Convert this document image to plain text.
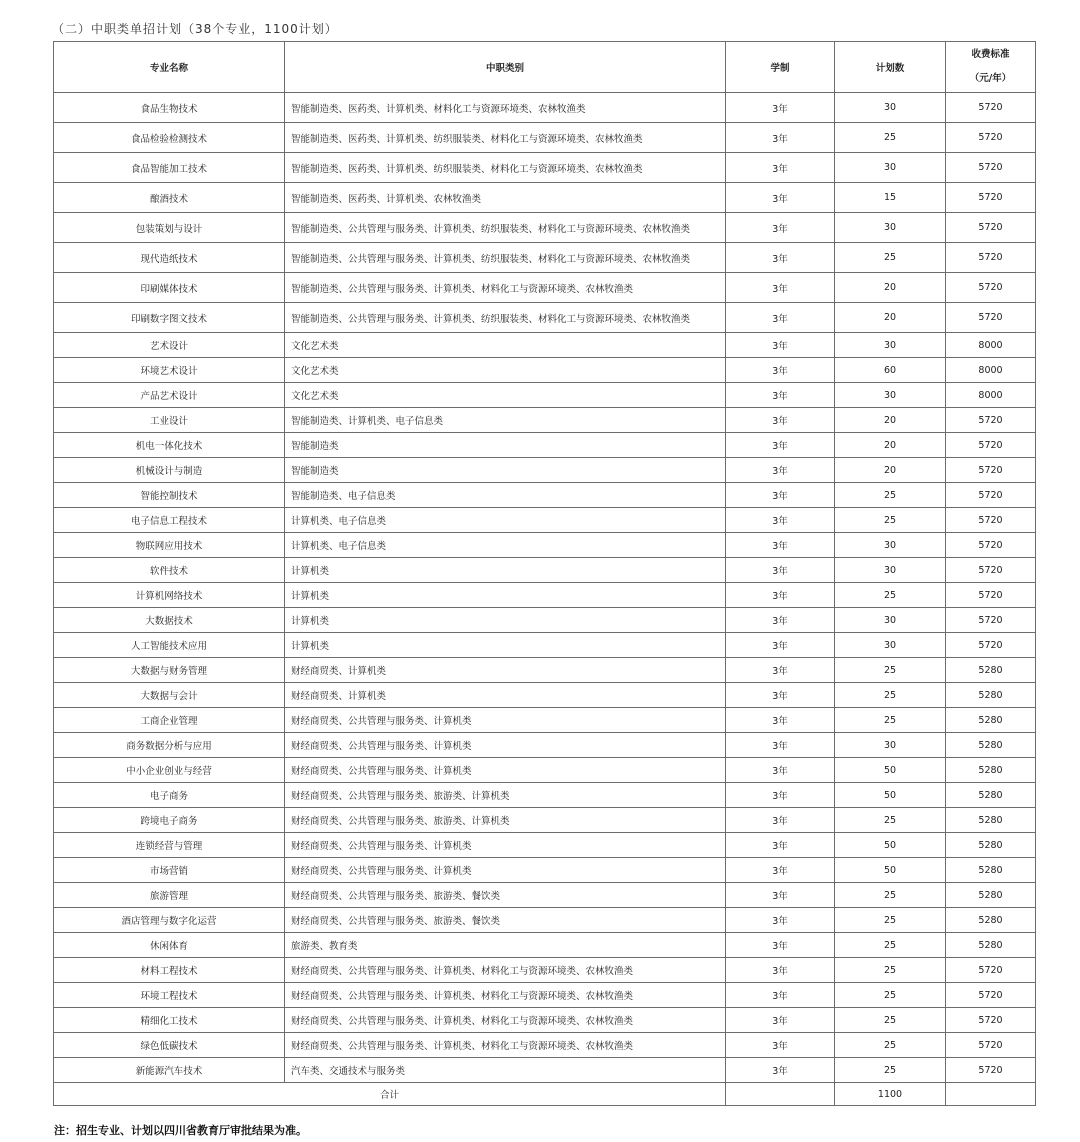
（二）中职类单招计划（38个专业，1100计划）
专业名称	中职类别	学制	计划数	收费标准
（元/年）

食品生物技术	智能制造类、医药类、计算机类、材料化工与资源环境类、农林牧渔类	3年	30	5720
食品检验检测技术	智能制造类、医药类、计算机类、纺织服装类、材料化工与资源环境类、农林牧渔类	3年	25	5720
食品智能加工技术	智能制造类、医药类、计算机类、纺织服装类、材料化工与资源环境类、农林牧渔类	3年	30	5720
酿酒技术	智能制造类、医药类、计算机类、农林牧渔类	3年	15	5720
包装策划与设计	智能制造类、公共管理与服务类、计算机类、纺织服装类、材料化工与资源环境类、农林牧渔类	3年	30	5720
现代造纸技术	智能制造类、公共管理与服务类、计算机类、纺织服装类、材料化工与资源环境类、农林牧渔类	3年	25	5720
印刷媒体技术	智能制造类、公共管理与服务类、计算机类、材料化工与资源环境类、农林牧渔类	3年	20	5720
印刷数字图文技术	智能制造类、公共管理与服务类、计算机类、纺织服装类、材料化工与资源环境类、农林牧渔类	3年	20	5720
艺术设计	文化艺术类	3年	30	8000
环境艺术设计	文化艺术类	3年	60	8000
产品艺术设计	文化艺术类	3年	30	8000
工业设计	智能制造类、计算机类、电子信息类	3年	20	5720
机电一体化技术	智能制造类	3年	20	5720
机械设计与制造	智能制造类	3年	20	5720
智能控制技术	智能制造类、电子信息类	3年	25	5720
电子信息工程技术	计算机类、电子信息类	3年	25	5720
物联网应用技术	计算机类、电子信息类	3年	30	5720
软件技术	计算机类	3年	30	5720
计算机网络技术	计算机类	3年	25	5720
大数据技术	计算机类	3年	30	5720
人工智能技术应用	计算机类	3年	30	5720
大数据与财务管理	财经商贸类、计算机类	3年	25	5280
大数据与会计	财经商贸类、计算机类	3年	25	5280
工商企业管理	财经商贸类、公共管理与服务类、计算机类	3年	25	5280
商务数据分析与应用	财经商贸类、公共管理与服务类、计算机类	3年	30	5280
中小企业创业与经营	财经商贸类、公共管理与服务类、计算机类	3年	50	5280
电子商务	财经商贸类、公共管理与服务类、旅游类、计算机类	3年	50	5280
跨境电子商务	财经商贸类、公共管理与服务类、旅游类、计算机类	3年	25	5280
连锁经营与管理	财经商贸类、公共管理与服务类、计算机类	3年	50	5280
市场营销	财经商贸类、公共管理与服务类、计算机类	3年	50	5280
旅游管理	财经商贸类、公共管理与服务类、旅游类、餐饮类	3年	25	5280
酒店管理与数字化运营	财经商贸类、公共管理与服务类、旅游类、餐饮类	3年	25	5280
休闲体育	旅游类、教育类	3年	25	5280
材料工程技术	财经商贸类、公共管理与服务类、计算机类、材料化工与资源环境类、农林牧渔类	3年	25	5720
环境工程技术	财经商贸类、公共管理与服务类、计算机类、材料化工与资源环境类、农林牧渔类	3年	25	5720
精细化工技术	财经商贸类、公共管理与服务类、计算机类、材料化工与资源环境类、农林牧渔类	3年	25	5720
绿色低碳技术	财经商贸类、公共管理与服务类、计算机类、材料化工与资源环境类、农林牧渔类	3年	25	5720
新能源汽车技术	汽车类、交通技术与服务类	3年	25	5720
合计			1100	
注：招生专业、计划以四川省教育厅审批结果为准。
